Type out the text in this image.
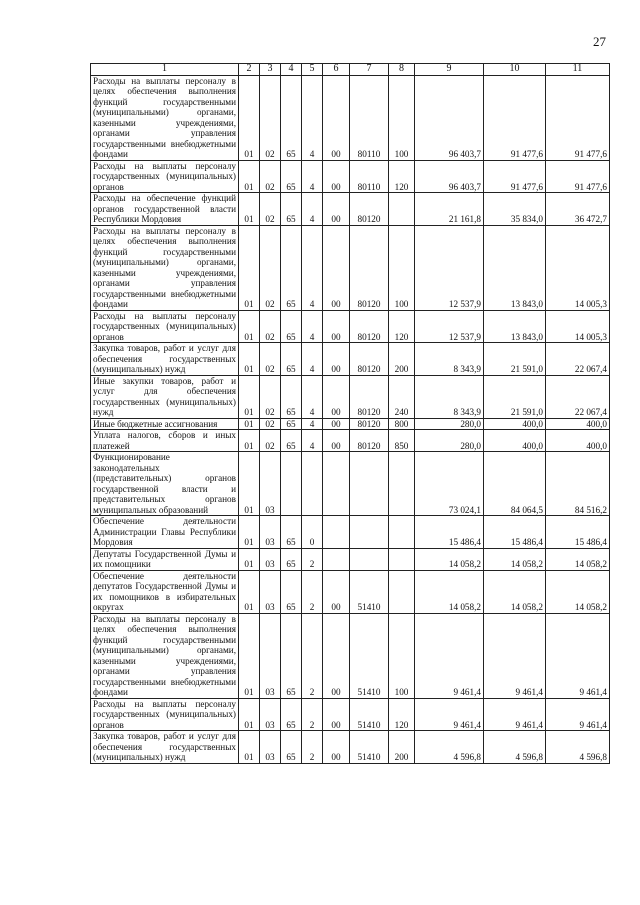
27
1	2	3	4	5	6	7	8	9	10	11
Расходы на выплаты персоналу в целях обеспечения выполнения функций государственными (муниципальными) органами, казенными учреждениями, органами управления государственными внебюджетными фондами	01	02	65	4	00	80110	100	96 403,7	91 477,6	91 477,6
Расходы на выплаты персоналу государственных (муниципальных) органов	01	02	65	4	00	80110	120	96 403,7	91 477,6	91 477,6
Расходы на обеспечение функций органов государственной власти Республики Мордовия	01	02	65	4	00	80120		21 161,8	35 834,0	36 472,7
Расходы на выплаты персоналу в целях обеспечения выполнения функций государственными (муниципальными) органами, казенными учреждениями, органами управления государственными внебюджетными фондами	01	02	65	4	00	80120	100	12 537,9	13 843,0	14 005,3
Расходы на выплаты персоналу государственных (муниципальных) органов	01	02	65	4	00	80120	120	12 537,9	13 843,0	14 005,3
Закупка товаров, работ и услуг для обеспечения государственных (муниципальных) нужд	01	02	65	4	00	80120	200	8 343,9	21 591,0	22 067,4
Иные закупки товаров, работ и услуг для обеспечения государственных (муниципальных) нужд	01	02	65	4	00	80120	240	8 343,9	21 591,0	22 067,4
Иные бюджетные ассигнования	01	02	65	4	00	80120	800	280,0	400,0	400,0
Уплата налогов, сборов и иных платежей	01	02	65	4	00	80120	850	280,0	400,0	400,0
Функционирование законодательных (представительных) органов государственной власти и представительных органов муниципальных образований	01	03						73 024,1	84 064,5	84 516,2
Обеспечение деятельности Администрации Главы Республики Мордовия	01	03	65	0				15 486,4	15 486,4	15 486,4
Депутаты Государственной Думы и их помощники	01	03	65	2				14 058,2	14 058,2	14 058,2
Обеспечение деятельности депутатов Государственной Думы и их помощников в избирательных округах	01	03	65	2	00	51410		14 058,2	14 058,2	14 058,2
Расходы на выплаты персоналу в целях обеспечения выполнения функций государственными (муниципальными) органами, казенными учреждениями, органами управления государственными внебюджетными фондами	01	03	65	2	00	51410	100	9 461,4	9 461,4	9 461,4
Расходы на выплаты персоналу государственных (муниципальных) органов	01	03	65	2	00	51410	120	9 461,4	9 461,4	9 461,4
Закупка товаров, работ и услуг для обеспечения государственных (муниципальных) нужд	01	03	65	2	00	51410	200	4 596,8	4 596,8	4 596,8
